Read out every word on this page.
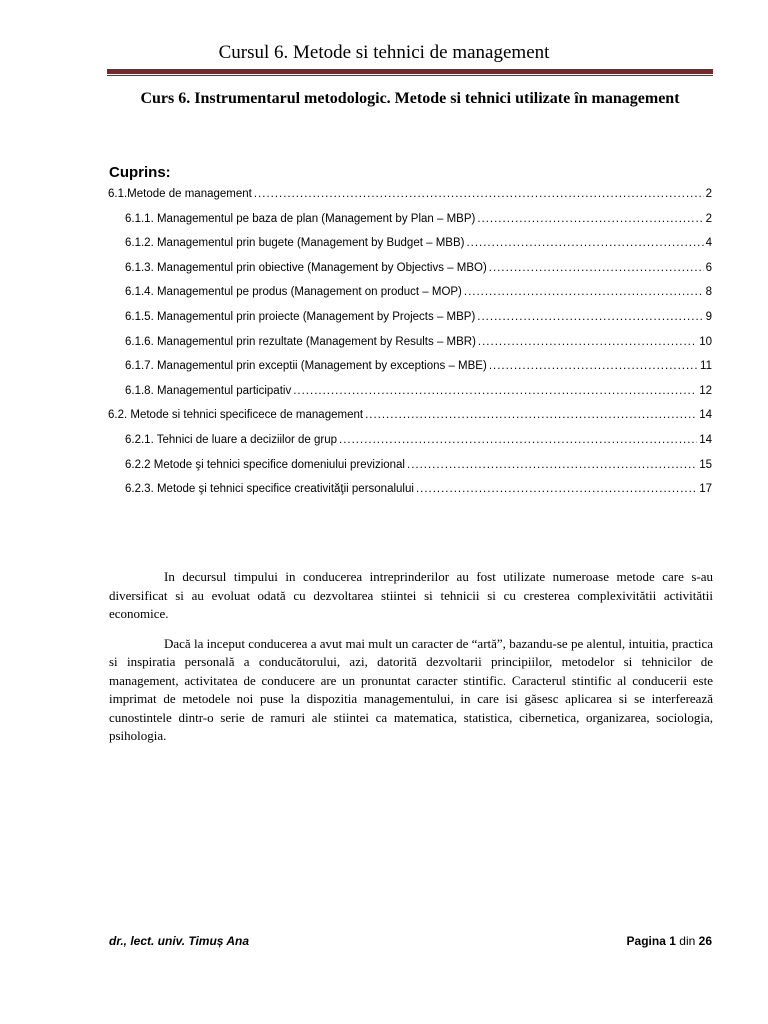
Cursul 6. Metode si tehnici de management
Curs 6. Instrumentarul metodologic. Metode si tehnici utilizate în management
Cuprins:
6.1.Metode de management .....	2
6.1.1. Managementul pe baza de plan (Management by Plan – MBP) .....	2
6.1.2. Managementul prin bugete (Management by Budget – MBB) .....	4
6.1.3. Managementul prin obiective (Management by Objectivs – MBO) .....	6
6.1.4. Managementul pe produs (Management on product – MOP) .....	8
6.1.5. Managementul prin proiecte (Management by Projects – MBP) .....	9
6.1.6. Managementul prin rezultate (Management by Results – MBR) .....	10
6.1.7. Managementul prin exceptii (Management by exceptions – MBE) .....	11
6.1.8. Managementul participativ .....	12
6.2. Metode si tehnici specificece de management .....	14
6.2.1. Tehnici de luare a deciziilor de grup .....	14
6.2.2 Metode şi tehnici specifice domeniului previzional .....	15
6.2.3. Metode şi tehnici specifice creativităţii personalului .....	17

In decursul timpului in conducerea intreprinderilor au fost utilizate numeroase metode care s-au diversificat si au evoluat odată cu dezvoltarea stiintei si tehnicii si cu cresterea complexivitătii activitătii economice.

Dacă la inceput conducerea a avut mai mult un caracter de “artă”, bazandu-se pe alentul, intuitia, practica si inspiratia personală a conducătorului, azi, datorită dezvoltarii principiilor, metodelor si tehnicilor de management, activitatea de conducere are un pronuntat caracter stintific. Caracterul stintific al conducerii este imprimat de metodele noi puse la dispozitia managementului, in care isi găsesc aplicarea si se interferează cunostintele dintr-o serie de ramuri ale stiintei ca matematica, statistica, cibernetica, organizarea, sociologia, psihologia.

dr., lect. univ. Timuș Ana	Pagina 1 din 26
